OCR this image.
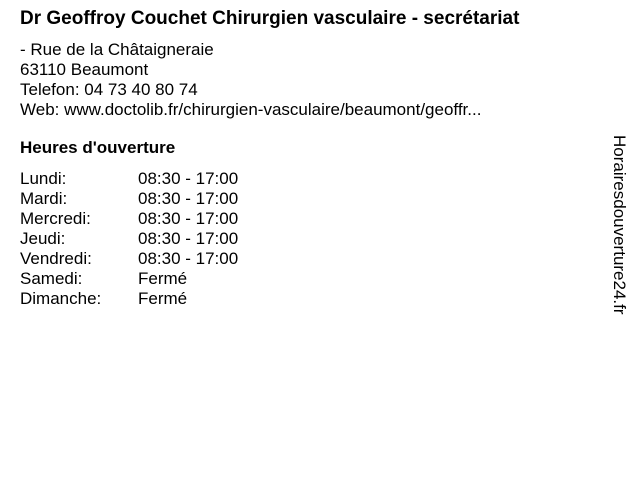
Dr Geoffroy Couchet Chirurgien vasculaire - secrétariat
- Rue de la Châtaigneraie
63110 Beaumont
Telefon: 04 73 40 80 74
Web: www.doctolib.fr/chirurgien-vasculaire/beaumont/geoffr...
Heures d'ouverture
Lundi:	08:30 - 17:00
Mardi:	08:30 - 17:00
Mercredi:	08:30 - 17:00
Jeudi:	08:30 - 17:00
Vendredi:	08:30 - 17:00
Samedi:	Fermé
Dimanche:	Fermé	Horairesdouverture24.fr
